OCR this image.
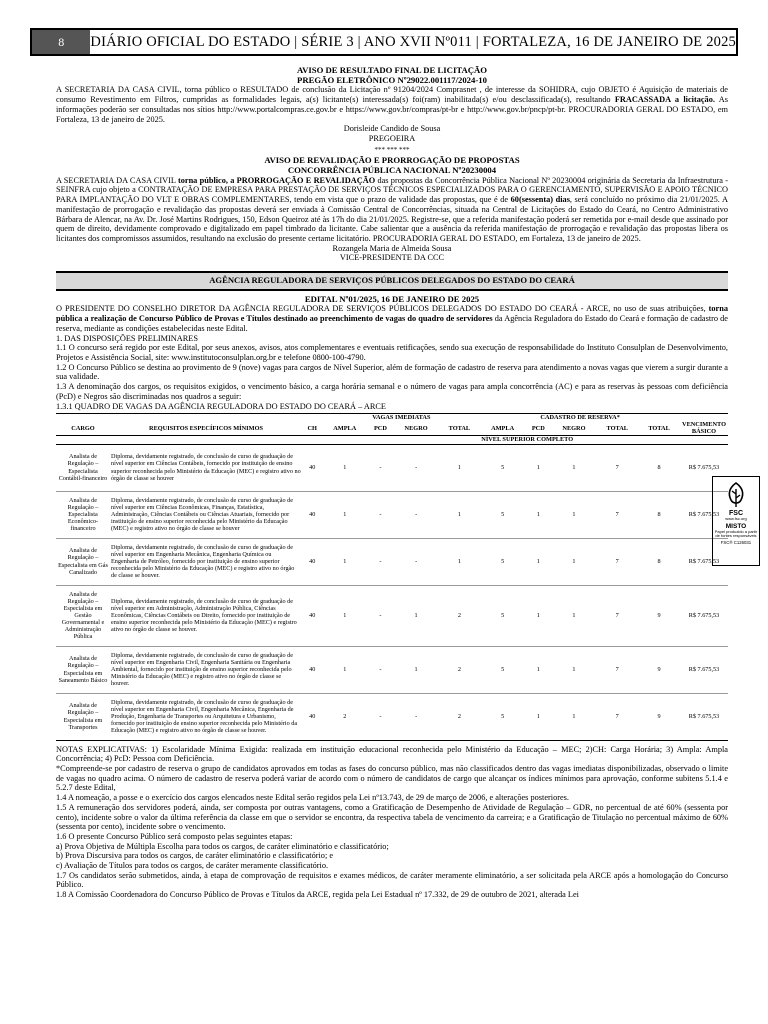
8	DIÁRIO OFICIAL DO ESTADO | SÉRIE 3 | ANO XVII Nº011 | FORTALEZA, 16 DE JANEIRO DE 2025
AVISO DE RESULTADO FINAL DE LICITAÇÃO
PREGÃO ELETRÔNICO Nº29022.001117/2024-10

A SECRETARIA DA CASA CIVIL, torna público o RESULTADO de conclusão da Licitação nº 91204/2024 Comprasnet , de interesse da SOHIDRA, cujo OBJETO é Aquisição de materiais de consumo Revestimento em Filtros, cumpridas as formalidades legais, a(s) licitante(s) interessada(s) foi(ram) inabilitada(s) e/ou desclassificada(s), resultando FRACASSADA a licitação. As informações poderão ser consultadas nos sítios http://www.portalcompras.ce.gov.br e https://www.gov.br/compras/pt-br e http://www.gov.br/pncp/pt-br. PROCURADORIA GERAL DO ESTADO, em Fortaleza, 13 de janeiro de 2025.

Dorisleide Candido de Sousa
PREGOEIRA
*** *** ***
AVISO DE REVALIDAÇÃO E PRORROGAÇÃO DE PROPOSTAS
CONCORRÊNCIA PÚBLICA NACIONAL Nº20230004

A SECRETARIA DA CASA CIVIL torna público, a PRORROGAÇÃO E REVALIDAÇÃO das propostas da Concorrência Pública Nacional Nº 20230004 originária da Secretaria da Infraestrutura - SEINFRA cujo objeto a CONTRATAÇÃO DE EMPRESA PARA PRESTAÇÃO DE SERVIÇOS TÉCNICOS ESPECIALIZADOS PARA O GERENCIAMENTO, SUPERVISÃO E APOIO TÉCNICO PARA IMPLANTAÇÃO DO VLT E OBRAS COMPLEMENTARES, tendo em vista que o prazo de validade das propostas, que é de 60(sessenta) dias, será concluído no próximo dia 21/01/2025. A manifestação de prorrogação e revalidação das propostas deverá ser enviada à Comissão Central de Concorrências, situada na Central de Licitações do Estado do Ceará, no Centro Administrativo Bárbara de Alencar, na Av. Dr. José Martins Rodrigues, 150, Edson Queiroz até às 17h do dia 21/01/2025. Registre-se, que a referida manifestação poderá ser remetida por e-mail desde que assinado por quem de direito, devidamente comprovado e digitalizado em papel timbrado da licitante. Cabe salientar que a ausência da referida manifestação de prorrogação e revalidação das propostas libera os licitantes dos compromissos assumidos, resultando na exclusão do presente certame licitatório. PROCURADORIA GERAL DO ESTADO, em Fortaleza, 13 de janeiro de 2025.

Rozangela Maria de Almeida Sousa
VICE-PRESIDENTE DA CCC
AGÊNCIA REGULADORA DE SERVIÇOS PÚBLICOS DELEGADOS DO ESTADO DO CEARÁ
EDITAL Nº01/2025, 16 DE JANEIRO DE 2025

O PRESIDENTE DO CONSELHO DIRETOR DA AGÊNCIA REGULADORA DE SERVIÇOS PÚBLICOS DELEGADOS DO ESTADO DO CEARÁ - ARCE, no uso de suas atribuições, torna pública a realização de Concurso Público de Provas e Títulos destinado ao preenchimento de vagas do quadro de servidores da Agência Reguladora do Estado do Ceará e formação de cadastro de reserva, mediante as condições estabelecidas neste Edital.

1. DAS DISPOSIÇÕES PRELIMINARES

1.1 O concurso será regido por este Edital, por seus anexos, avisos, atos complementares e eventuais retificações, sendo sua execução de responsabilidade do Instituto Consulplan de Desenvolvimento, Projetos e Assistência Social, site: www.institutoconsulplan.org.br e telefone 0800-100-4790.

1.2 O Concurso Público se destina ao provimento de 9 (nove) vagas para cargos de Nível Superior, além de formação de cadastro de reserva para atendimento a novas vagas que vierem a surgir durante a sua validade.

1.3 A denominação dos cargos, os requisitos exigidos, o vencimento básico, a carga horária semanal e o número de vagas para ampla concorrência (AC) e para as reservas às pessoas com deficiência (PcD) e Negros são discriminadas nos quadros a seguir:

1.3.1 QUADRO DE VAGAS DA AGÊNCIA REGULADORA DO ESTADO DO CEARÁ – ARCE

			VAGAS IMEDIATAS				CADASTRO DE RESERVA*					
CARGO	REQUISITOS ESPECÍFICOS MÍNIMOS	CH	AMPLA	PCD	NEGRO	TOTAL	AMPLA	PCD	NEGRO	TOTAL	TOTAL	VENCIMENTO BÁSICO
							NÍVEL SUPERIOR COMPLETO					
Analista de Regulação – Especialista Contábil-financeiro	Diploma, devidamente registrado, de conclusão de curso de graduação de nível superior em Ciências Contábeis, fornecido por instituição de ensino superior reconhecida pelo Ministério da Educação (MEC) e registro ativo no órgão de classe se houver	40	1	-	-	1	5	1	1	7	8	R$ 7.675,53
Analista de Regulação – Especialista Econômico-financeiro	Diploma, devidamente registrado, de conclusão de curso de graduação de nível superior em Ciências Econômicas, Finanças, Estatística, Administração, Ciências Contábeis ou Ciências Atuariais, fornecido por instituição de ensino superior reconhecida pelo Ministério da Educação (MEC) e registro ativo no órgão de classe se houver	40	1	-	-	1	5	1	1	7	8	R$ 7.675,53
Analista de Regulação – Especialista em Gás Canalizado	Diploma, devidamente registrado, de conclusão de curso de graduação de nível superior em Engenharia Mecânica, Engenharia Química ou Engenharia de Petróleo, fornecido por instituição de ensino superior reconhecida pelo Ministério da Educação (MEC) e registro ativo no órgão de classe se houver.	40	1	-	-	1	5	1	1	7	8	R$ 7.675,53
Analista de Regulação – Especialista em Gestão Governamental e Administração Pública	Diploma, devidamente registrado, de conclusão de curso de graduação de nível superior em Administração, Administração Pública, Ciências Econômicas, Ciências Contábeis ou Direito, fornecido por instituição de ensino superior reconhecida pelo Ministério da Educação (MEC) e registro ativo no órgão de classe se houver.	40	1	-	1	2	5	1	1	7	9	R$ 7.675,53
Analista de Regulação – Especialista em Saneamento Básico	Diploma, devidamente registrado, de conclusão de curso de graduação de nível superior em Engenharia Civil, Engenharia Sanitária ou Engenharia Ambiental, fornecido por instituição de ensino superior reconhecida pelo Ministério da Educação (MEC) e registro ativo no órgão de classe se houver.	40	1	-	1	2	5	1	1	7	9	R$ 7.675,53
Analista de Regulação – Especialista em Transportes	Diploma, devidamente registrado, de conclusão de curso de graduação de nível superior em Engenharia Civil, Engenharia Mecânica, Engenharia de Produção, Engenharia de Transportes ou Arquitetura e Urbanismo, fornecido por instituição de ensino superior reconhecida pelo Ministério da Educação (MEC) e registro ativo no órgão de classe se houver.	40	2	-	-	2	5	1	1	7	9	R$ 7.675,53

NOTAS EXPLICATIVAS: 1) Escolaridade Mínima Exigida: realizada em instituição educacional reconhecida pelo Ministério da Educação – MEC; 2)CH: Carga Horária; 3) Ampla: Ampla Concorrência; 4) PcD: Pessoa com Deficiência.

*Compreende-se por cadastro de reserva o grupo de candidatos aprovados em todas as fases do concurso público, mas não classificados dentro das vagas imediatas disponibilizadas, observado o limite de vagas no quadro acima. O número de cadastro de reserva poderá variar de acordo com o número de candidatos de cargo que alcançar os índices mínimos para aprovação, conforme subitens 5.1.4 e 5.2.7 deste Edital,

1.4 A nomeação, a posse e o exercício dos cargos elencados neste Edital serão regidos pela Lei nº13.743, de 29 de março de 2006, e alterações posteriores.

1.5 A remuneração dos servidores poderá, ainda, ser composta por outras vantagens, como a Gratificação de Desempenho de Atividade de Regulação – GDR, no percentual de até 60% (sessenta por cento), incidente sobre o valor da última referência da classe em que o servidor se encontra, da respectiva tabela de vencimento da carreira; e a Gratificação de Titulação no percentual máximo de 60% (sessenta por cento), incidente sobre o vencimento.

1.6 O presente Concurso Público será composto pelas seguintes etapas:

a) Prova Objetiva de Múltipla Escolha para todos os cargos, de caráter eliminatório e classificatório;

b) Prova Discursiva para todos os cargos, de caráter eliminatório e classificatório; e

c) Avaliação de Títulos para todos os cargos, de caráter meramente classificatório.

1.7 Os candidatos serão submetidos, ainda, à etapa de comprovação de requisitos e exames médicos, de caráter meramente eliminatório, a ser solicitada pela ARCE após a homologação do Concurso Público.

1.8 A Comissão Coordenadora do Concurso Público de Provas e Títulos da ARCE, regida pela Lei Estadual nº 17.332, de 29 de outubro de 2021, alterada Lei

FSC
www.fsc.org
MISTO
Papel produzido a partir de fontes responsáveis
FSC® C126031
